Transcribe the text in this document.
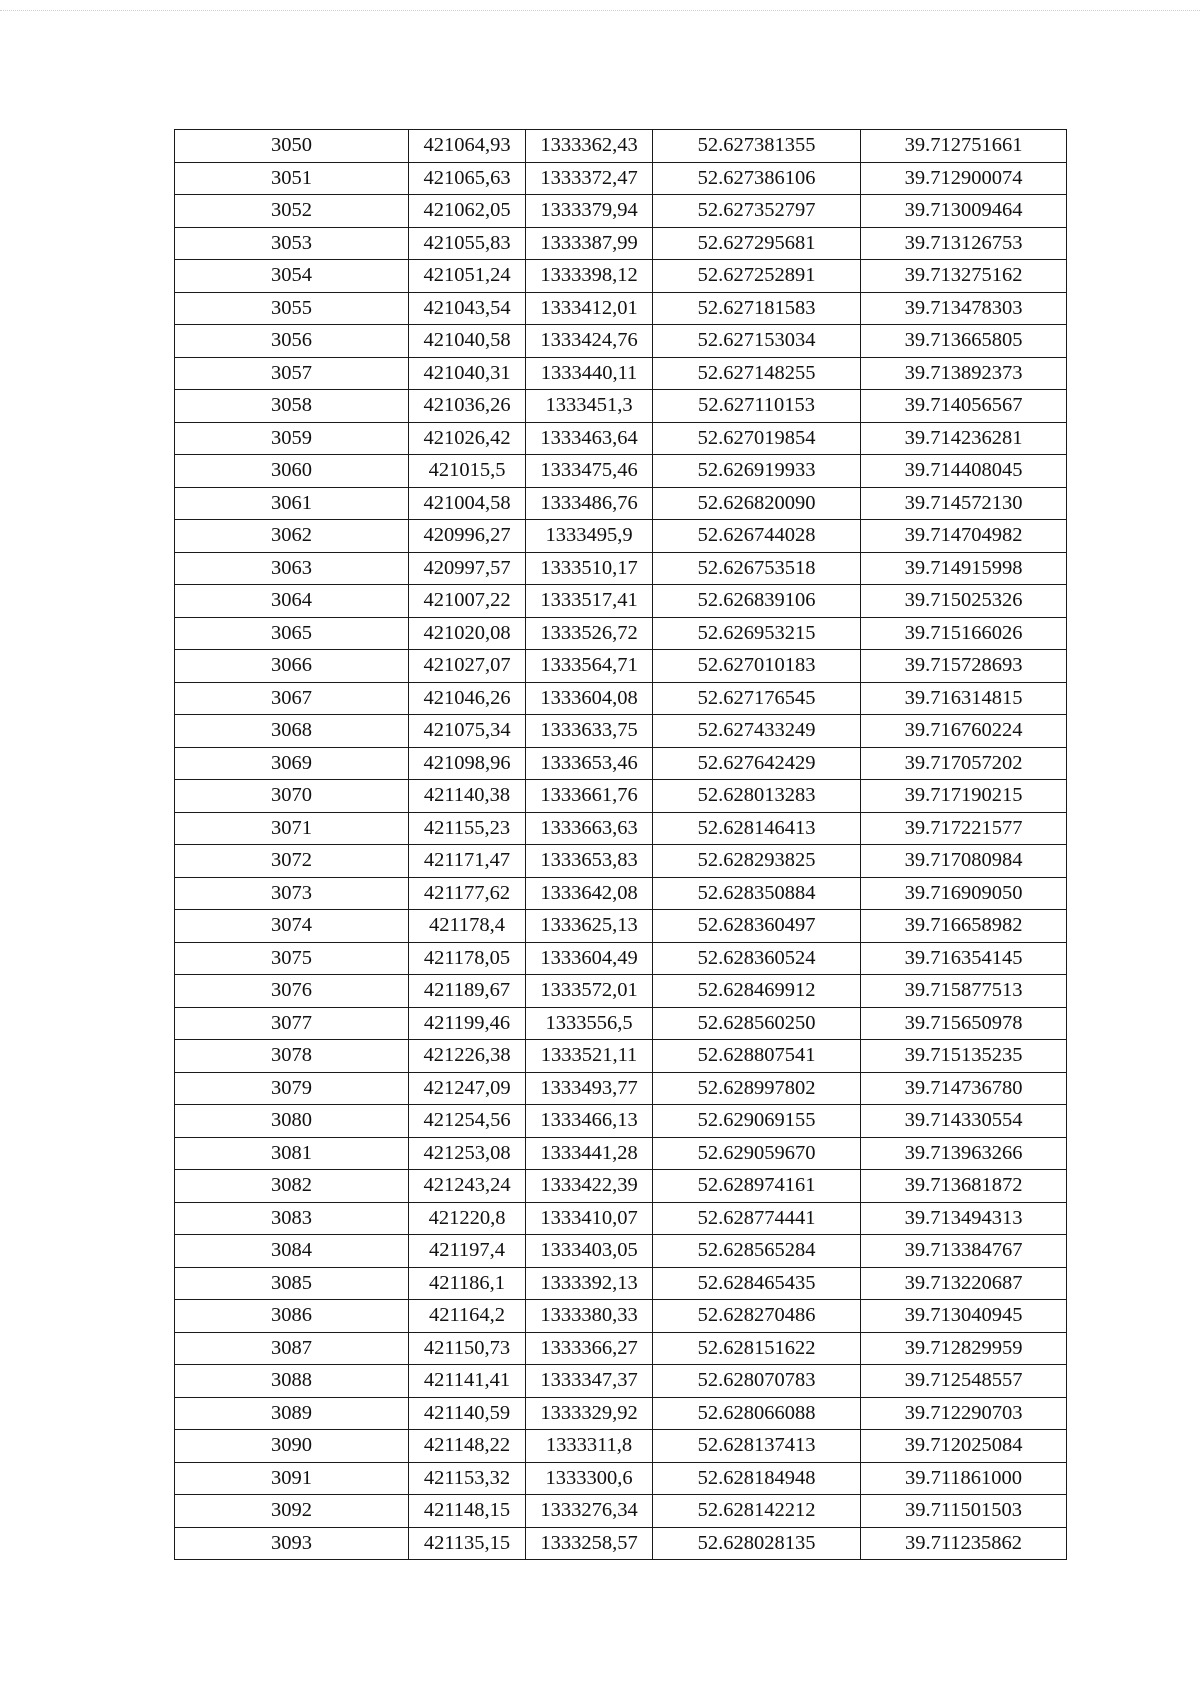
3050	421064,93	1333362,43	52.627381355	39.712751661
3051	421065,63	1333372,47	52.627386106	39.712900074
3052	421062,05	1333379,94	52.627352797	39.713009464
3053	421055,83	1333387,99	52.627295681	39.713126753
3054	421051,24	1333398,12	52.627252891	39.713275162
3055	421043,54	1333412,01	52.627181583	39.713478303
3056	421040,58	1333424,76	52.627153034	39.713665805
3057	421040,31	1333440,11	52.627148255	39.713892373
3058	421036,26	1333451,3	52.627110153	39.714056567
3059	421026,42	1333463,64	52.627019854	39.714236281
3060	421015,5	1333475,46	52.626919933	39.714408045
3061	421004,58	1333486,76	52.626820090	39.714572130
3062	420996,27	1333495,9	52.626744028	39.714704982
3063	420997,57	1333510,17	52.626753518	39.714915998
3064	421007,22	1333517,41	52.626839106	39.715025326
3065	421020,08	1333526,72	52.626953215	39.715166026
3066	421027,07	1333564,71	52.627010183	39.715728693
3067	421046,26	1333604,08	52.627176545	39.716314815
3068	421075,34	1333633,75	52.627433249	39.716760224
3069	421098,96	1333653,46	52.627642429	39.717057202
3070	421140,38	1333661,76	52.628013283	39.717190215
3071	421155,23	1333663,63	52.628146413	39.717221577
3072	421171,47	1333653,83	52.628293825	39.717080984
3073	421177,62	1333642,08	52.628350884	39.716909050
3074	421178,4	1333625,13	52.628360497	39.716658982
3075	421178,05	1333604,49	52.628360524	39.716354145
3076	421189,67	1333572,01	52.628469912	39.715877513
3077	421199,46	1333556,5	52.628560250	39.715650978
3078	421226,38	1333521,11	52.628807541	39.715135235
3079	421247,09	1333493,77	52.628997802	39.714736780
3080	421254,56	1333466,13	52.629069155	39.714330554
3081	421253,08	1333441,28	52.629059670	39.713963266
3082	421243,24	1333422,39	52.628974161	39.713681872
3083	421220,8	1333410,07	52.628774441	39.713494313
3084	421197,4	1333403,05	52.628565284	39.713384767
3085	421186,1	1333392,13	52.628465435	39.713220687
3086	421164,2	1333380,33	52.628270486	39.713040945
3087	421150,73	1333366,27	52.628151622	39.712829959
3088	421141,41	1333347,37	52.628070783	39.712548557
3089	421140,59	1333329,92	52.628066088	39.712290703
3090	421148,22	1333311,8	52.628137413	39.712025084
3091	421153,32	1333300,6	52.628184948	39.711861000
3092	421148,15	1333276,34	52.628142212	39.711501503
3093	421135,15	1333258,57	52.628028135	39.711235862
